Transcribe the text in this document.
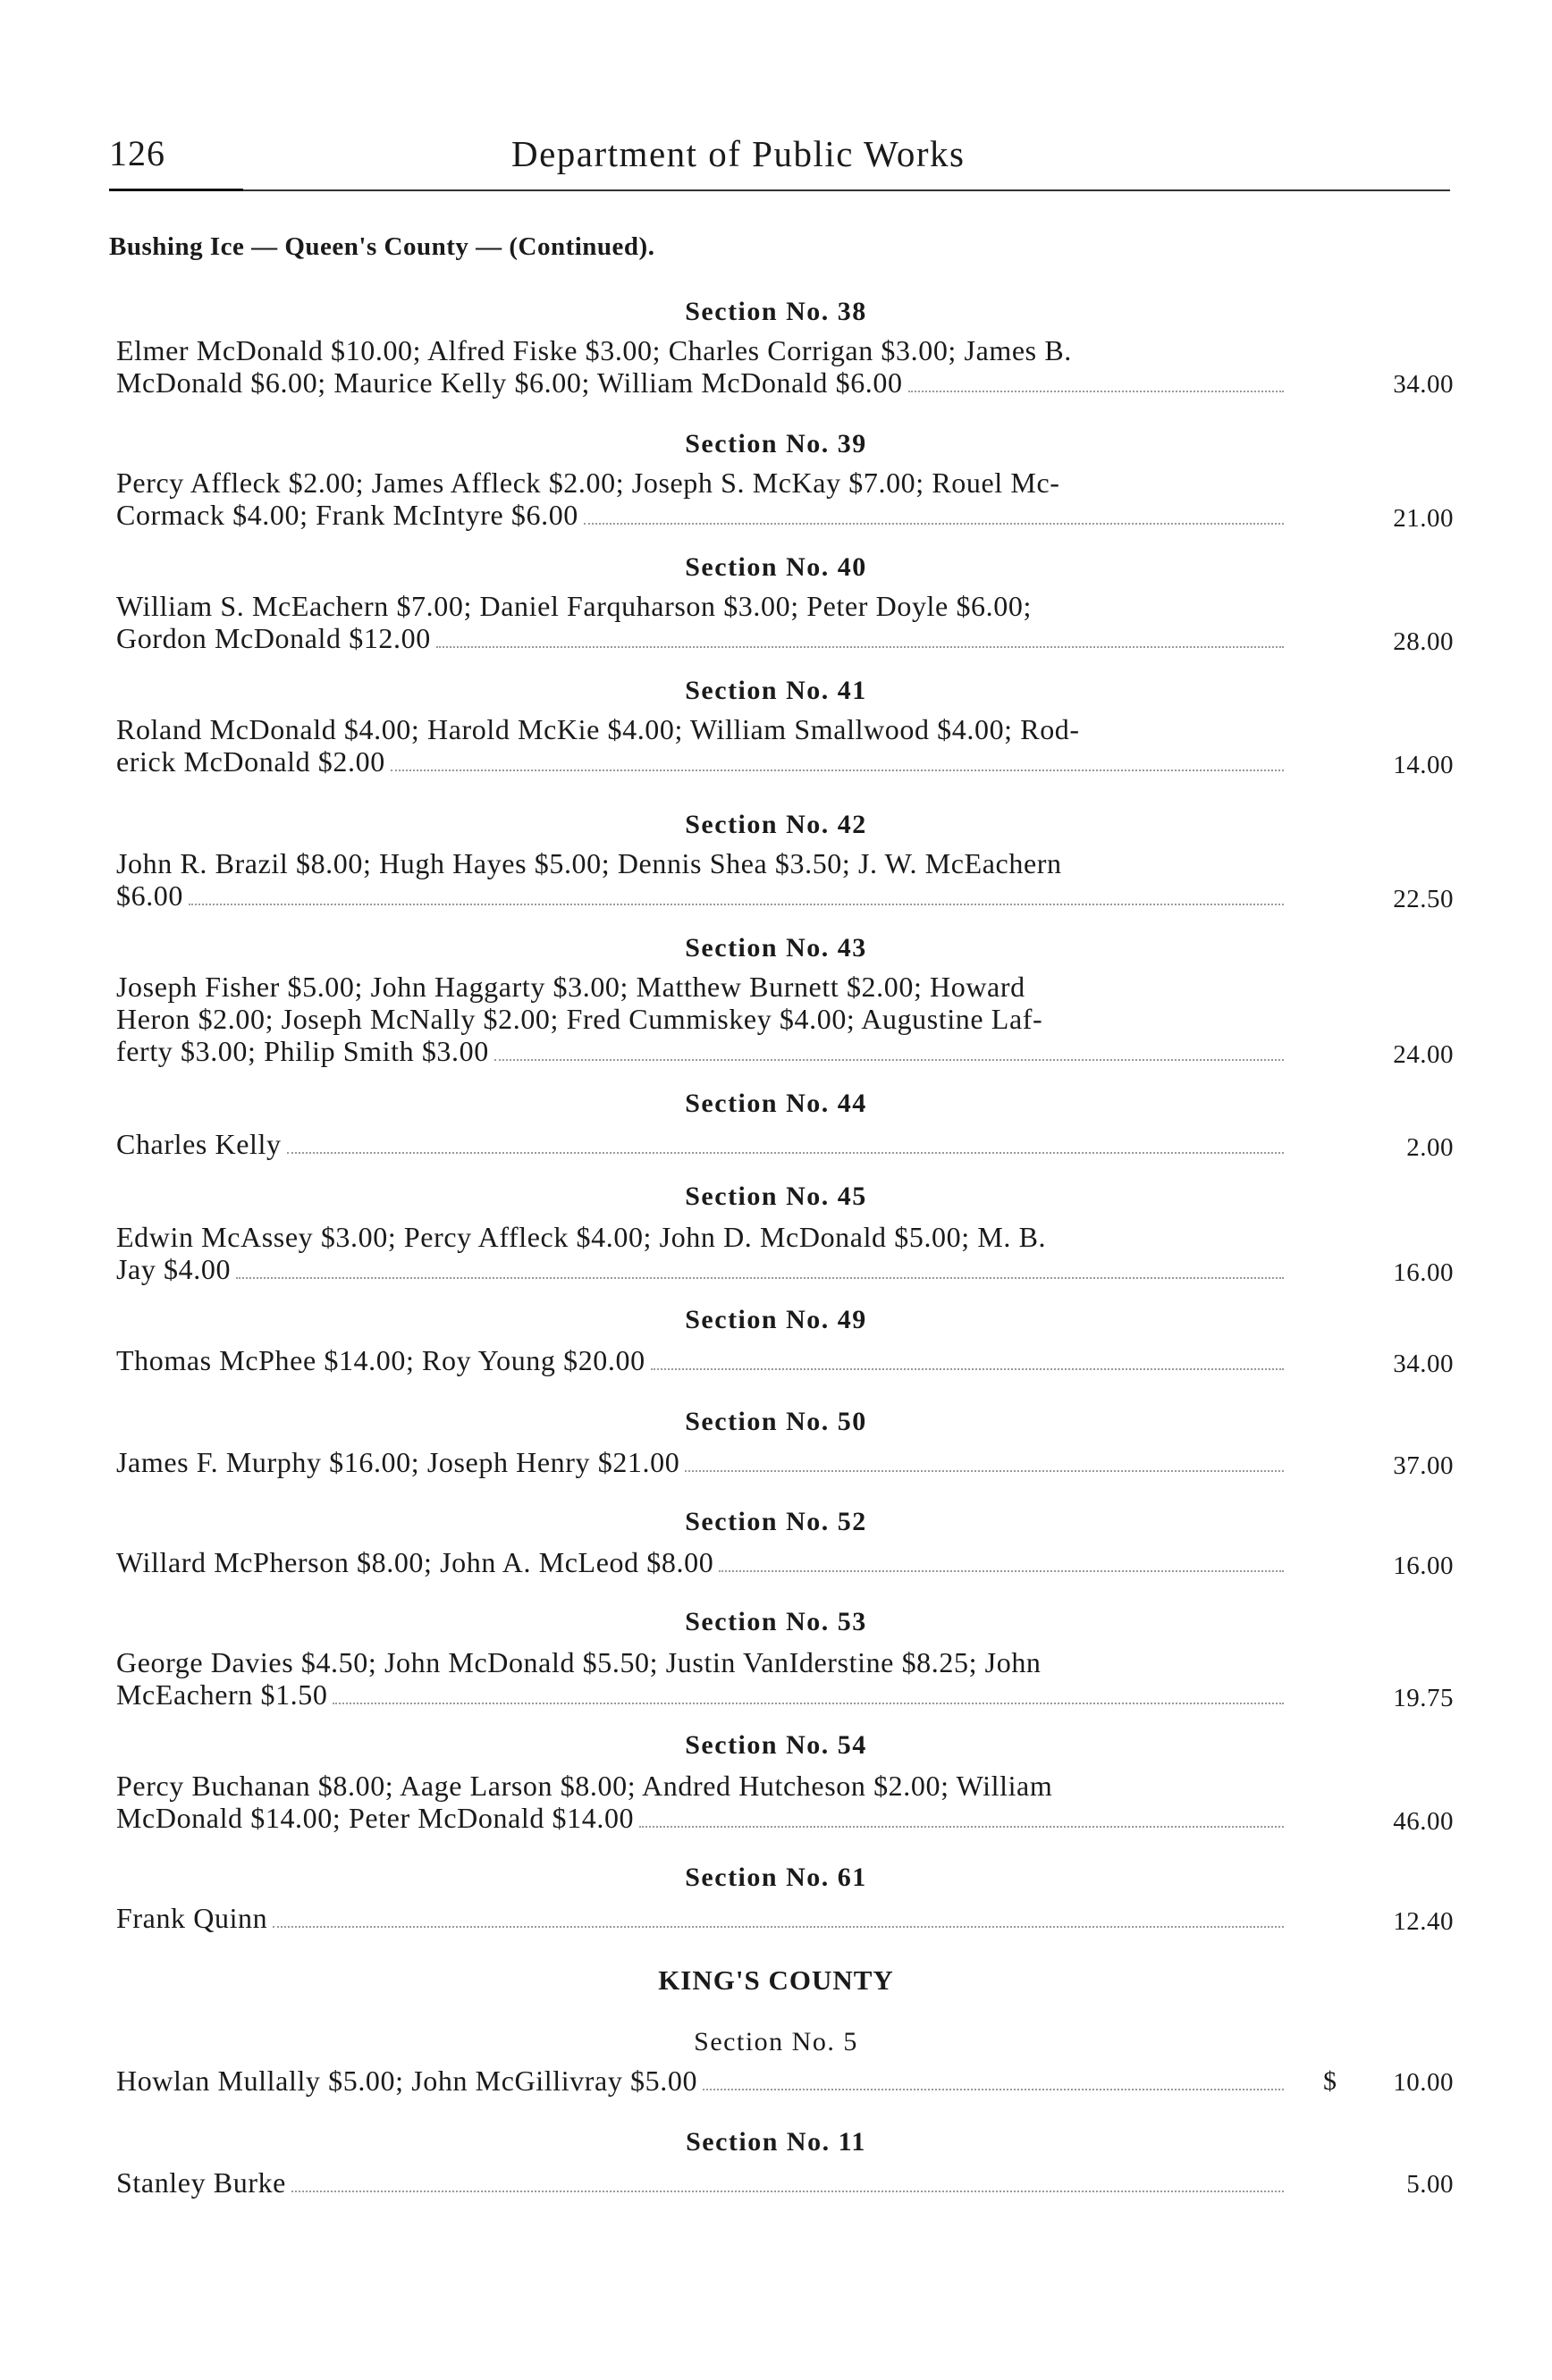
126	Department of Public Works
Bushing Ice — Queen's County — (Continued).
Section No. 38
Elmer McDonald $10.00; Alfred Fiske $3.00; Charles Corrigan $3.00; James B.
McDonald $6.00; Maurice Kelly $6.00; William McDonald $6.00	34.00
Section No. 39
Percy Affleck $2.00; James Affleck $2.00; Joseph S. McKay $7.00; Rouel Mc-
Cormack $4.00; Frank McIntyre $6.00	21.00
Section No. 40
William S. McEachern $7.00; Daniel Farquharson $3.00; Peter Doyle $6.00;
Gordon McDonald $12.00	28.00
Section No. 41
Roland McDonald $4.00; Harold McKie $4.00; William Smallwood $4.00; Rod-
erick McDonald $2.00	14.00
Section No. 42
John R. Brazil $8.00; Hugh Hayes $5.00; Dennis Shea $3.50; J. W. McEachern
$6.00	22.50
Section No. 43
Joseph Fisher $5.00; John Haggarty $3.00; Matthew Burnett $2.00; Howard
Heron $2.00; Joseph McNally $2.00; Fred Cummiskey $4.00; Augustine Laf-
ferty $3.00; Philip Smith $3.00	24.00
Section No. 44
Charles Kelly	2.00
Section No. 45
Edwin McAssey $3.00; Percy Affleck $4.00; John D. McDonald $5.00; M. B.
Jay $4.00	16.00
Section No. 49
Thomas McPhee $14.00; Roy Young $20.00	34.00
Section No. 50
James F. Murphy $16.00; Joseph Henry $21.00	37.00
Section No. 52
Willard McPherson $8.00; John A. McLeod $8.00	16.00
Section No. 53
George Davies $4.50; John McDonald $5.50; Justin VanIderstine $8.25; John
McEachern $1.50	19.75
Section No. 54
Percy Buchanan $8.00; Aage Larson $8.00; Andred Hutcheson $2.00; William
McDonald $14.00; Peter McDonald $14.00	46.00
Section No. 61
Frank Quinn	12.40
KING'S COUNTY
Section No. 5
Howlan Mullally $5.00; John McGillivray $5.00	$ 10.00
Section No. 11
Stanley Burke	5.00
